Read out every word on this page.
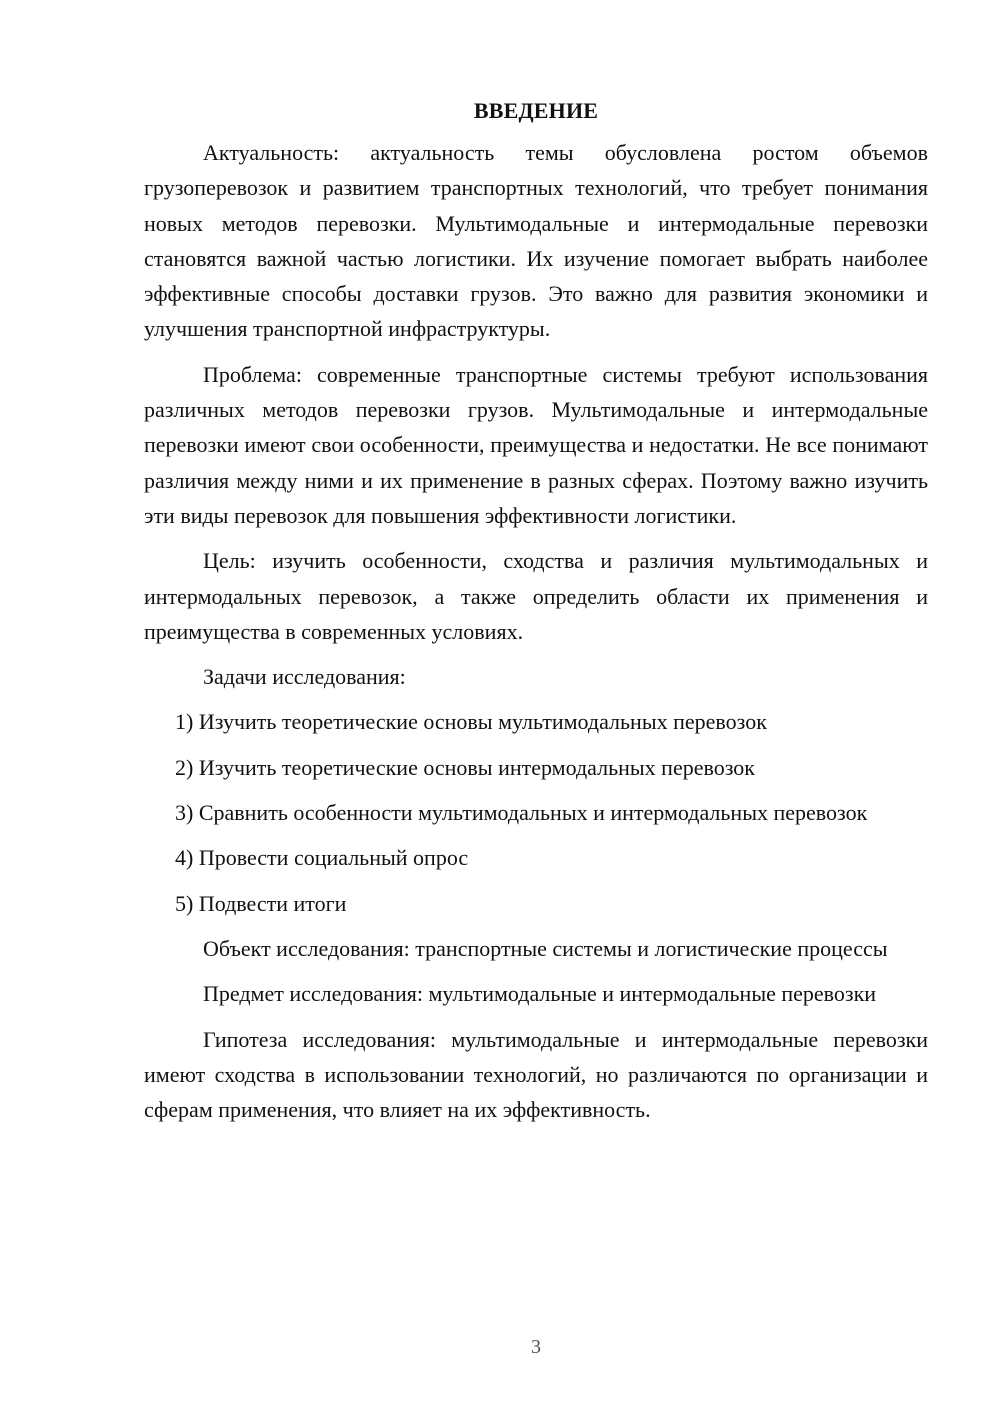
ВВЕДЕНИЕ

Актуальность: актуальность темы обусловлена ростом объемов грузоперевозок и развитием транспортных технологий, что требует понимания новых методов перевозки. Мультимодальные и интермодальные перевозки становятся важной частью логистики. Их изучение помогает выбрать наиболее эффективные способы доставки грузов. Это важно для развития экономики и улучшения транспортной инфраструктуры.

Проблема: современные транспортные системы требуют использования различных методов перевозки грузов. Мультимодальные и интермодальные перевозки имеют свои особенности, преимущества и недостатки. Не все понимают различия между ними и их применение в разных сферах. Поэтому важно изучить эти виды перевозок для повышения эффективности логистики.

Цель: изучить особенности, сходства и различия мультимодальных и интермодальных перевозок, а также определить области их применения и преимущества в современных условиях.

Задачи исследования:

1) Изучить теоретические основы мультимодальных перевозок

2) Изучить теоретические основы интермодальных перевозок

3) Сравнить особенности мультимодальных и интермодальных перевозок

4) Провести социальный опрос

5) Подвести итоги

Объект исследования: транспортные системы и логистические процессы

Предмет исследования: мультимодальные и интермодальные перевозки

Гипотеза исследования: мультимодальные и интермодальные перевозки имеют сходства в использовании технологий, но различаются по организации и сферам применения, что влияет на их эффективность.

3
